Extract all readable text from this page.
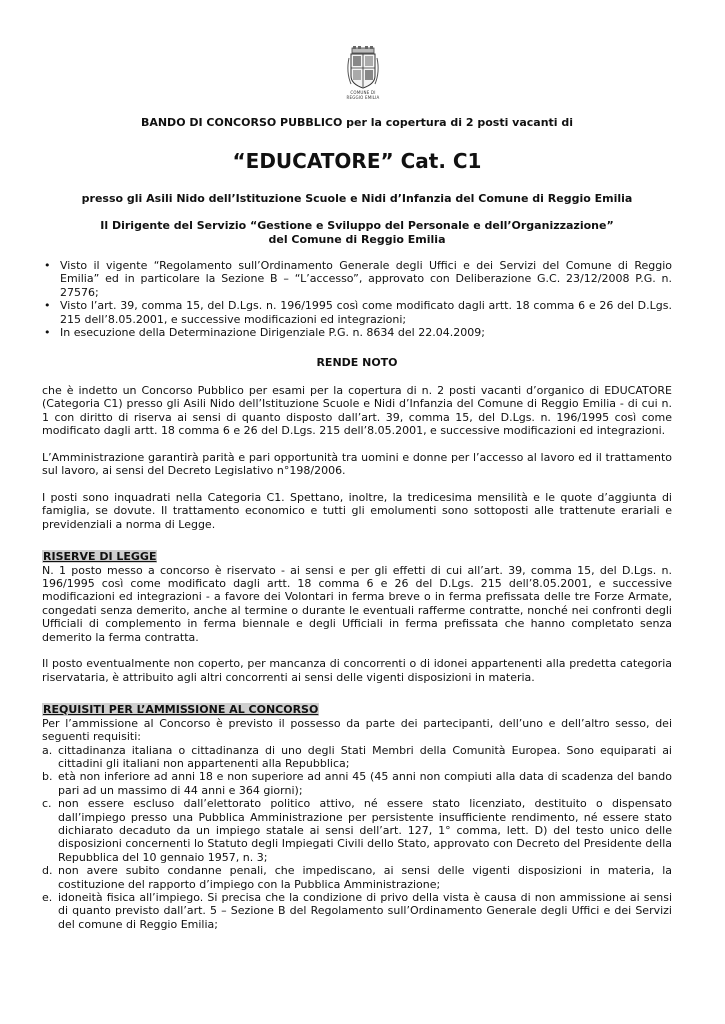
COMUNE DI
REGGIO EMILIA

BANDO DI CONCORSO PUBBLICO per la copertura di 2 posti vacanti di

“EDUCATORE” Cat. C1

presso gli Asili Nido dell’Istituzione Scuole e Nidi d’Infanzia del Comune di Reggio Emilia

Il Dirigente del Servizio “Gestione e Sviluppo del Personale e dell’Organizzazione”

del Comune di Reggio Emilia

• Visto il vigente “Regolamento sull’Ordinamento Generale degli Uffici e dei Servizi del Comune di Reggio Emilia” ed in particolare la Sezione B – “L’accesso”, approvato con Deliberazione G.C. 23/12/2008 P.G. n. 27576;
• Visto l’art. 39, comma 15, del D.Lgs. n. 196/1995 così come modificato dagli artt. 18 comma 6 e 26 del D.Lgs. 215 dell’8.05.2001, e successive modificazioni ed integrazioni;
• In esecuzione della Determinazione Dirigenziale P.G. n. 8634 del 22.04.2009;

RENDE NOTO

che è indetto un Concorso Pubblico per esami per la copertura di n. 2 posti vacanti d’organico di EDUCATORE (Categoria C1) presso gli Asili Nido dell’Istituzione Scuole e Nidi d’Infanzia del Comune di Reggio Emilia - di cui n. 1 con diritto di riserva ai sensi di quanto disposto dall’art. 39, comma 15, del D.Lgs. n. 196/1995 così come modificato dagli artt. 18 comma 6 e 26 del D.Lgs. 215 dell’8.05.2001, e successive modificazioni ed integrazioni.

L’Amministrazione garantirà parità e pari opportunità tra uomini e donne per l’accesso al lavoro ed il trattamento sul lavoro, ai sensi del Decreto Legislativo n°198/2006.

I posti sono inquadrati nella Categoria C1. Spettano, inoltre, la tredicesima mensilità e le quote d’aggiunta di famiglia, se dovute. Il trattamento economico e tutti gli emolumenti sono sottoposti alle trattenute erariali e previdenziali a norma di Legge.

RISERVE DI LEGGE

N. 1 posto messo a concorso è riservato - ai sensi e per gli effetti di cui all’art. 39, comma 15, del D.Lgs. n. 196/1995 così come modificato dagli artt. 18 comma 6 e 26 del D.Lgs. 215 dell’8.05.2001, e successive modificazioni ed integrazioni - a favore dei Volontari in ferma breve o in ferma prefissata delle tre Forze Armate, congedati senza demerito, anche al termine o durante le eventuali rafferme contratte, nonché nei confronti degli Ufficiali di complemento in ferma biennale e degli Ufficiali in ferma prefissata che hanno completato senza demerito la ferma contratta.

Il posto eventualmente non coperto, per mancanza di concorrenti o di idonei appartenenti alla predetta categoria riservataria, è attribuito agli altri concorrenti ai sensi delle vigenti disposizioni in materia.

REQUISITI PER L’AMMISSIONE AL CONCORSO

Per l’ammissione al Concorso è previsto il possesso da parte dei partecipanti, dell’uno e dell’altro sesso, dei seguenti requisiti:

a. cittadinanza italiana o cittadinanza di uno degli Stati Membri della Comunità Europea. Sono equiparati ai cittadini gli italiani non appartenenti alla Repubblica;
b. età non inferiore ad anni 18 e non superiore ad anni 45 (45 anni non compiuti alla data di scadenza del bando pari ad un massimo di 44 anni e 364 giorni);
c. non essere escluso dall’elettorato politico attivo, né essere stato licenziato, destituito o dispensato dall’impiego presso una Pubblica Amministrazione per persistente insufficiente rendimento, né essere stato dichiarato decaduto da un impiego statale ai sensi dell’art. 127, 1° comma, lett. D) del testo unico delle disposizioni concernenti lo Statuto degli Impiegati Civili dello Stato, approvato con Decreto del Presidente della Repubblica del 10 gennaio 1957, n. 3;
d. non avere subito condanne penali, che impediscano, ai sensi delle vigenti disposizioni in materia, la costituzione del rapporto d’impiego con la Pubblica Amministrazione;
e. idoneità fisica all’impiego. Si precisa che la condizione di privo della vista è causa di non ammissione ai sensi di quanto previsto dall’art. 5 – Sezione B del Regolamento sull’Ordinamento Generale degli Uffici e dei Servizi del comune di Reggio Emilia;
